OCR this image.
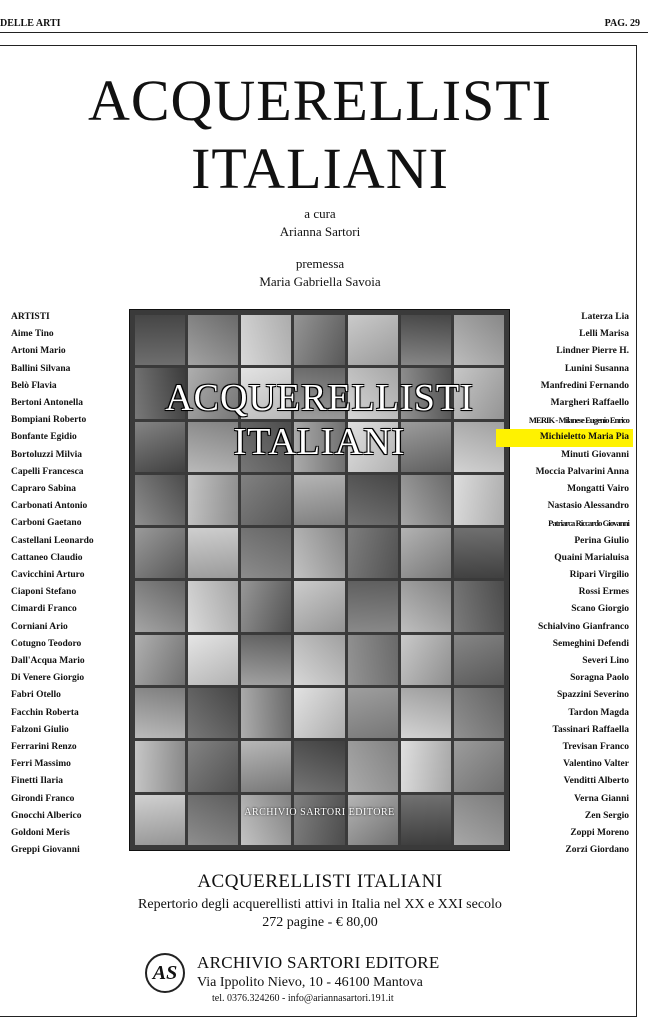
DELLE ARTI	PAG. 29
ACQUERELLISTI
ITALIANI
a cura
Arianna Sartori
premessa
Maria Gabriella Savoia
ARTISTI
Aime Tino
Artoni Mario
Ballini Silvana
Belò Flavia
Bertoni Antonella
Bompiani Roberto
Bonfante Egidio
Bortoluzzi Milvia
Capelli Francesca
Capraro Sabina
Carbonati Antonio
Carboni Gaetano
Castellani Leonardo
Cattaneo Claudio
Cavicchini Arturo
Ciaponi Stefano
Cimardi Franco
Corniani Ario
Cotugno Teodoro
Dall'Acqua Mario
Di Venere Giorgio
Fabri Otello
Facchin Roberta
Falzoni Giulio
Ferrarini Renzo
Ferri Massimo
Finetti Ilaria
Girondi Franco
Gnocchi Alberico
Goldoni Meris
Greppi Giovanni
ACQUERELLISTI
ITALIANI
ARCHIVIO SARTORI EDITORE
Laterza Lia
Lelli Marisa
Lindner Pierre H.
Lunini Susanna
Manfredini Fernando
Margheri Raffaello
MERIK - Milanese Eugenio Enrico
Michieletto Maria Pia
Minuti Giovanni
Moccia Palvarini Anna
Mongatti Vairo
Nastasio Alessandro
Patriarca Riccardo Giovanni
Perina Giulio
Quaini Marialuisa
Ripari Virgilio
Rossi Ermes
Scano Giorgio
Schialvino Gianfranco
Semeghini Defendi
Severi Lino
Soragna Paolo
Spazzini Severino
Tardon Magda
Tassinari Raffaella
Trevisan Franco
Valentino Valter
Venditti Alberto
Verna Gianni
Zen Sergio
Zoppi Moreno
Zorzi Giordano
ACQUERELLISTI ITALIANI
Repertorio degli acquerellisti attivi in Italia nel XX e XXI secolo
272 pagine - € 80,00
AS	ARCHIVIO SARTORI EDITORE
Via Ippolito Nievo, 10 - 46100 Mantova
tel. 0376.324260 - info@ariannasartori.191.it
